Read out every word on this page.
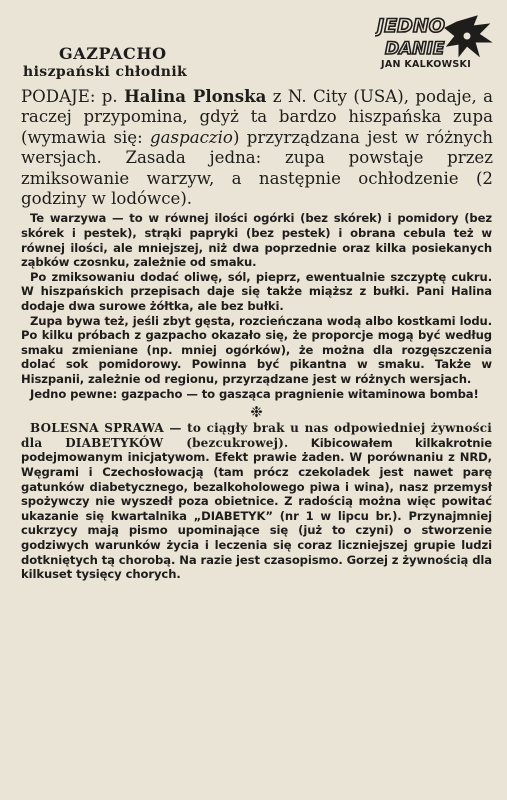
JEDNO
DANIE
JAN KALKOWSKI
GAZPACHO
hiszpański chłodnik

PODAJE: p. Halina Plonska z N. City (USA), podaje, a raczej przypomina, gdyż ta bardzo hiszpańska zupa (wymawia się: gaspaczio) przyrządzana jest w różnych wersjach. Zasada jedna: zupa powstaje przez zmiksowanie warzyw, a następnie ochłodzenie (2 godziny w lodówce).

Te warzywa — to w równej ilości ogórki (bez skórek) i pomidory (bez skórek i pestek), strąki papryki (bez pestek) i obrana cebula też w równej ilości, ale mniejszej, niż dwa poprzednie oraz kilka posiekanych ząbków czosnku, zależnie od smaku.

Po zmiksowaniu dodać oliwę, sól, pieprz, ewentualnie szczyptę cukru. W hiszpańskich przepisach daje się także miąższ z bułki. Pani Halina dodaje dwa surowe żółtka, ale bez bułki.

Zupa bywa też, jeśli zbyt gęsta, rozcieńczana wodą albo kostkami lodu. Po kilku próbach z gazpacho okazało się, że proporcje mogą być według smaku zmieniane (np. mniej ogórków), że można dla rozgęszczenia dolać sok pomidorowy. Powinna być pikantna w smaku. Także w Hiszpanii, zależnie od regionu, przyrządzane jest w różnych wersjach.

Jedno pewne: gazpacho — to gasząca pragnienie witaminowa bomba!

❉

BOLESNA SPRAWA — to ciągły brak u nas odpowiedniej żywności dla DIABETYKÓW (bezcukrowej). Kibicowałem kilkakrotnie podejmowanym inicjatywom. Efekt prawie żaden. W porównaniu z NRD, Węgrami i Czechosłowacją (tam prócz czekoladek jest nawet parę gatunków diabetycznego, bezalkoholowego piwa i wina), nasz przemysł spożywczy nie wyszedł poza obietnice. Z radością można więc powitać ukazanie się kwartalnika „DIABETYK” (nr 1 w lipcu br.). Przynajmniej cukrzycy mają pismo upominające się (już to czyni) o stworzenie godziwych warunków życia i leczenia się coraz liczniejszej grupie ludzi dotkniętych tą chorobą. Na razie jest czasopismo. Gorzej z żywnością dla kilkuset tysięcy chorych.
